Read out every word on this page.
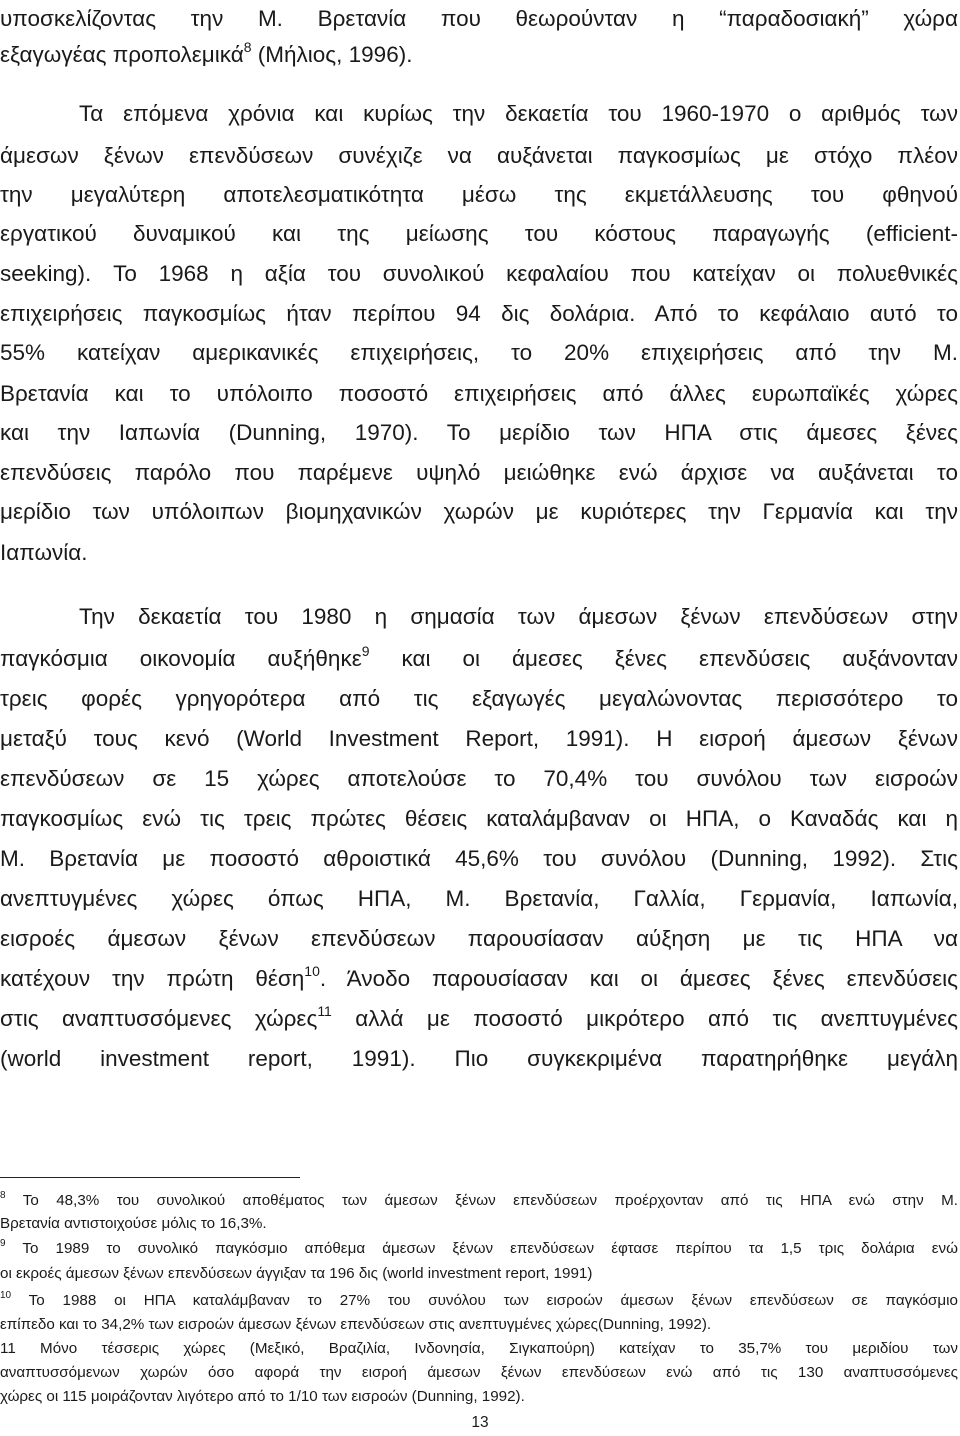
υποσκελίζοντας την Μ. Βρετανία που θεωρούνταν η “παραδοσιακή” χώρα
εξαγωγέας προπολεμικά$^8$ (Μήλιος, 1996).
Τα επόμενα χρόνια και κυρίως την δεκαετία του 1960-1970 ο αριθμός των
άμεσων ξένων επενδύσεων συνέχιζε να αυξάνεται παγκοσμίως με στόχο πλέον
την μεγαλύτερη αποτελεσματικότητα μέσω της εκμετάλλευσης του φθηνού
εργατικού δυναμικού και της μείωσης του κόστους παραγωγής (efficient-
seeking). Το 1968 η αξία του συνολικού κεφαλαίου που κατείχαν οι πολυεθνικές
επιχειρήσεις παγκοσμίως ήταν περίπου 94 δις δολάρια. Από το κεφάλαιο αυτό το
55% κατείχαν αμερικανικές επιχειρήσεις, το 20% επιχειρήσεις από την Μ.
Βρετανία και το υπόλοιπο ποσοστό επιχειρήσεις από άλλες ευρωπαϊκές χώρες
και την Ιαπωνία (Dunning, 1970). Το μερίδιο των ΗΠΑ στις άμεσες ξένες
επενδύσεις παρόλο που παρέμενε υψηλό μειώθηκε ενώ άρχισε να αυξάνεται το
μερίδιο των υπόλοιπων βιομηχανικών χωρών με κυριότερες την Γερμανία και την
Ιαπωνία.
Την δεκαετία του 1980 η σημασία των άμεσων ξένων επενδύσεων στην
παγκόσμια οικονομία αυξήθηκε$^9$ και οι άμεσες ξένες επενδύσεις αυξάνονταν
τρεις φορές γρηγορότερα από τις εξαγωγές μεγαλώνοντας περισσότερο το
μεταξύ τους κενό (World Investment Report, 1991). Η εισροή άμεσων ξένων
επενδύσεων σε 15 χώρες αποτελούσε το 70,4% του συνόλου των εισροών
παγκοσμίως ενώ τις τρεις πρώτες θέσεις καταλάμβαναν οι ΗΠΑ, ο Καναδάς και η
Μ. Βρετανία με ποσοστό αθροιστικά 45,6% του συνόλου (Dunning, 1992). Στις
ανεπτυγμένες χώρες όπως ΗΠΑ, Μ. Βρετανία, Γαλλία, Γερμανία, Ιαπωνία,
εισροές άμεσων ξένων επενδύσεων παρουσίασαν αύξηση με τις ΗΠΑ να
κατέχουν την πρώτη θέση$^{10}$. Άνοδο παρουσίασαν και οι άμεσες ξένες επενδύσεις
στις αναπτυσσόμενες χώρες$^{11}$ αλλά με ποσοστό μικρότερο από τις ανεπτυγμένες
(world investment report, 1991). Πιο συγκεκριμένα παρατηρήθηκε μεγάλη
$^8$ Το 48,3% του συνολικού αποθέματος των άμεσων ξένων επενδύσεων προέρχονταν από τις ΗΠΑ ενώ στην Μ.
Βρετανία αντιστοιχούσε μόλις το 16,3%.
$^9$ Το 1989 το συνολικό παγκόσμιο απόθεμα άμεσων ξένων επενδύσεων έφτασε περίπου τα 1,5 τρις δολάρια ενώ
οι εκροές άμεσων ξένων επενδύσεων άγγιξαν τα 196 δις (world investment report, 1991)
$^{10}$ Το 1988 οι ΗΠΑ καταλάμβαναν το 27% του συνόλου των εισροών άμεσων ξένων επενδύσεων σε παγκόσμιο
επίπεδο και το 34,2% των εισροών άμεσων ξένων επενδύσεων στις ανεπτυγμένες χώρες(Dunning, 1992).
11 Μόνο τέσσερις χώρες (Μεξικό, Βραζιλία, Ινδονησία, Σιγκαπούρη) κατείχαν το 35,7% του μεριδίου των
αναπτυσσόμενων χωρών όσο αφορά την εισροή άμεσων ξένων επενδύσεων ενώ από τις 130 αναπτυσσόμενες
χώρες οι 115 μοιράζονταν λιγότερο από το 1/10 των εισροών (Dunning, 1992).
13
